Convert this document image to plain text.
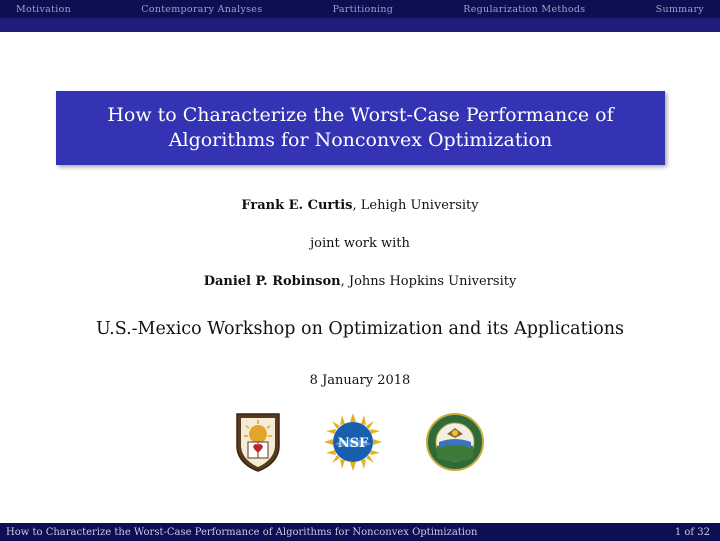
Motivation	Contemporary Analyses	Partitioning	Regularization Methods	Summary
How to Characterize the Worst-Case Performance of
Algorithms for Nonconvex Optimization
Frank E. Curtis, Lehigh University
joint work with
Daniel P. Robinson, Johns Hopkins University
U.S.-Mexico Workshop on Optimization and its Applications
8 January 2018
NSF
How to Characterize the Worst-Case Performance of Algorithms for Nonconvex Optimization	1 of 32
